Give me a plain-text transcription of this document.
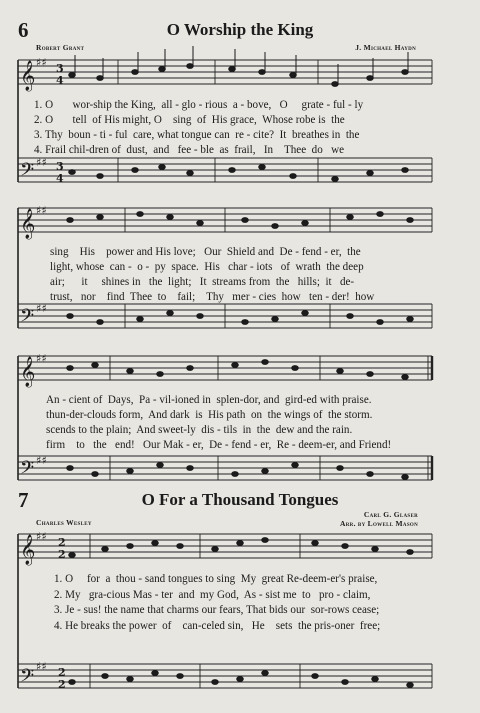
6	O Worship the King
Robert Grant	J. Michael Haydn
𝄞
𝄢
𝄞
𝄢
𝄞
𝄢
𝄞
𝄢
♯♯
♯♯
♯♯
♯♯
♯♯
♯♯
♯♯
♯♯
3
4
3
4
2
2
2
2
1. O       wor-ship the King,  all - glo - rious  a - bove,   O     grate - ful - ly
2. O       tell  of His might, O    sing  of  His grace,  Whose robe is  the
3. Thy  boun - ti - ful  care, what tongue can  re - cite?  It  breathes in  the
4. Frail chil-dren of  dust,  and   fee - ble  as  frail,   In    Thee  do   we
sing    His    power and His love;   Our  Shield and  De - fend - er,  the
light, whose  can -  o -  py  space.  His   char - iots   of  wrath  the deep
air;      it     shines in   the  light;   It  streams from  the   hills;  it   de-
trust,   nor    find  Thee  to    fail;    Thy   mer - cies  how   ten - der!  how
An - cient of  Days,  Pa - vil-ioned in  splen-dor, and  gird-ed with praise.
thun-der-clouds form,  And dark  is  His path  on  the wings of  the storm.
scends to the plain;  And sweet-ly  dis - tils  in  the  dew and the rain.
firm    to   the   end!   Our Mak - er,  De - fend - er,  Re - deem-er, and Friend!
7	O For a Thousand Tongues
Carl G. Glaser
Charles Wesley	Arr. by Lowell Mason
1. O     for  a  thou - sand tongues to sing  My  great Re-deem-er's praise,
2. My   gra-cious Mas - ter  and  my God,  As - sist me  to   pro - claim,
3. Je - sus! the name that charms our fears, That bids our  sor-rows cease;
4. He breaks the power  of    can-celed sin,   He    sets  the pris-oner  free;
